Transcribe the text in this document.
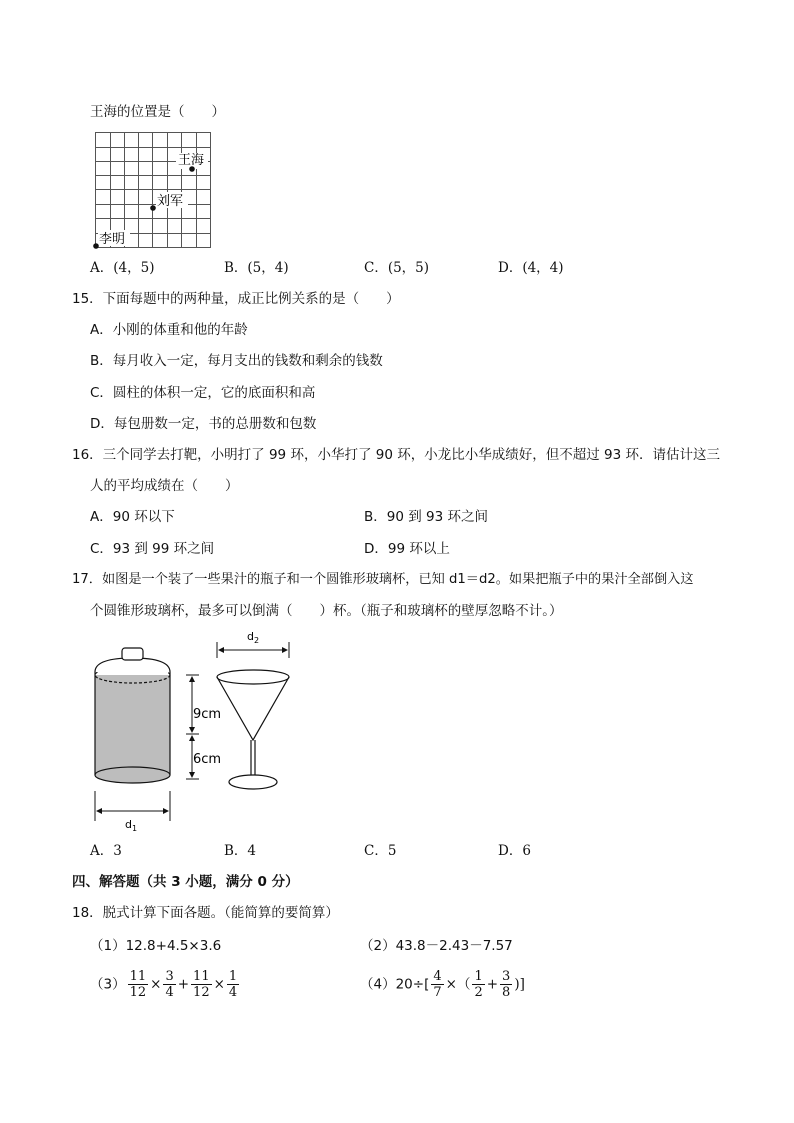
王海的位置是（　　）
王海
刘军
李明
A．(4，5)	B．(5，4)	C．(5，5)	D．(4，4)
15．下面每题中的两种量，成正比例关系的是（　　）
A．小刚的体重和他的年龄
B．每月收入一定，每月支出的钱数和剩余的钱数
C．圆柱的体积一定，它的底面积和高
D．每包册数一定，书的总册数和包数
16．三个同学去打靶，小明打了 99 环，小华打了 90 环，小龙比小华成绩好，但不超过 93 环．请估计这三
人的平均成绩在（　　）
A．90 环以下	B．90 到 93 环之间
C．93 到 99 环之间	D．99 环以上
17．如图是一个装了一些果汁的瓶子和一个圆锥形玻璃杯，已知 d1＝d2。如果把瓶子中的果汁全部倒入这
个圆锥形玻璃杯，最多可以倒满（　　）杯。（瓶子和玻璃杯的壁厚忽略不计。）
$d_1$
9cm
6cm
$d_2$
A．3	B．4	C．5	D．6
四、解答题（共 3 小题，满分 0 分）
18．脱式计算下面各题。（能简算的要简算）
（1）12.8+4.5×3.6	（2）43.8－2.43－7.57
$(3) \frac{11}{12} \times \frac{3}{4} + \frac{11}{12} \times \frac{1}{4}$	$(4)20\div[ \frac{4}{7}$ ×（ $\frac{1}{2} + \frac{3}{8}$ )]
